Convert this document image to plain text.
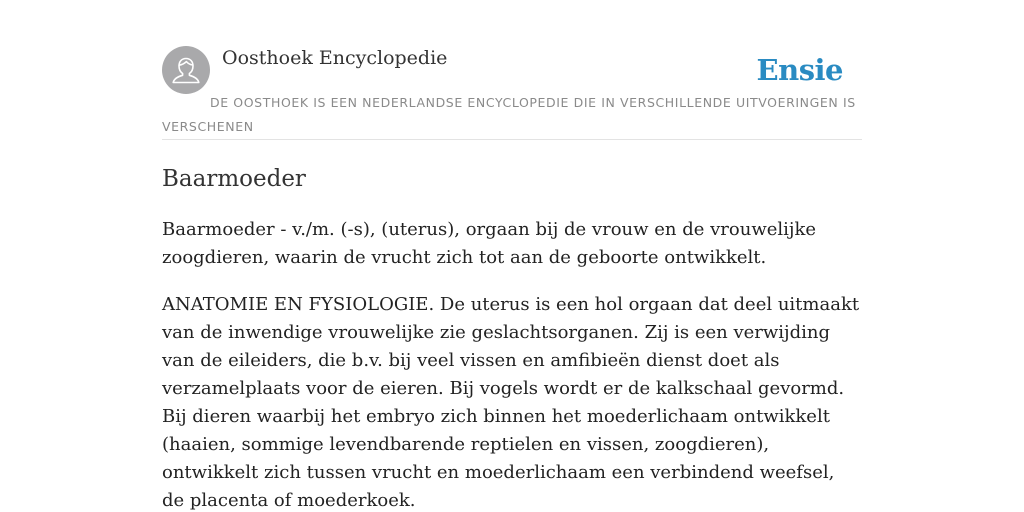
Oosthoek Encyclopedie	Ensie
DE OOSTHOEK IS EEN NEDERLANDSE ENCYCLOPEDIE DIE IN VERSCHILLENDE UITVOERINGEN IS VERSCHENEN
Baarmoeder

Baarmoeder - v./m. (-s), (uterus), orgaan bij de vrouw en de vrouwelijke zoogdieren, waarin de vrucht zich tot aan de geboorte ontwikkelt.

ANATOMIE EN FYSIOLOGIE. De uterus is een hol orgaan dat deel uitmaakt van de inwendige vrouwelijke zie geslachtsorganen. Zij is een verwijding van de eileiders, die b.v. bij veel vissen en amfibieën dienst doet als verzamelplaats voor de eieren. Bij vogels wordt er de kalkschaal gevormd. Bij dieren waarbij het embryo zich binnen het moederlichaam ontwikkelt (haaien, sommige levendbarende reptielen en vissen, zoogdieren), ontwikkelt zich tussen vrucht en moederlichaam een verbindend weefsel, de placenta of moederkoek.
